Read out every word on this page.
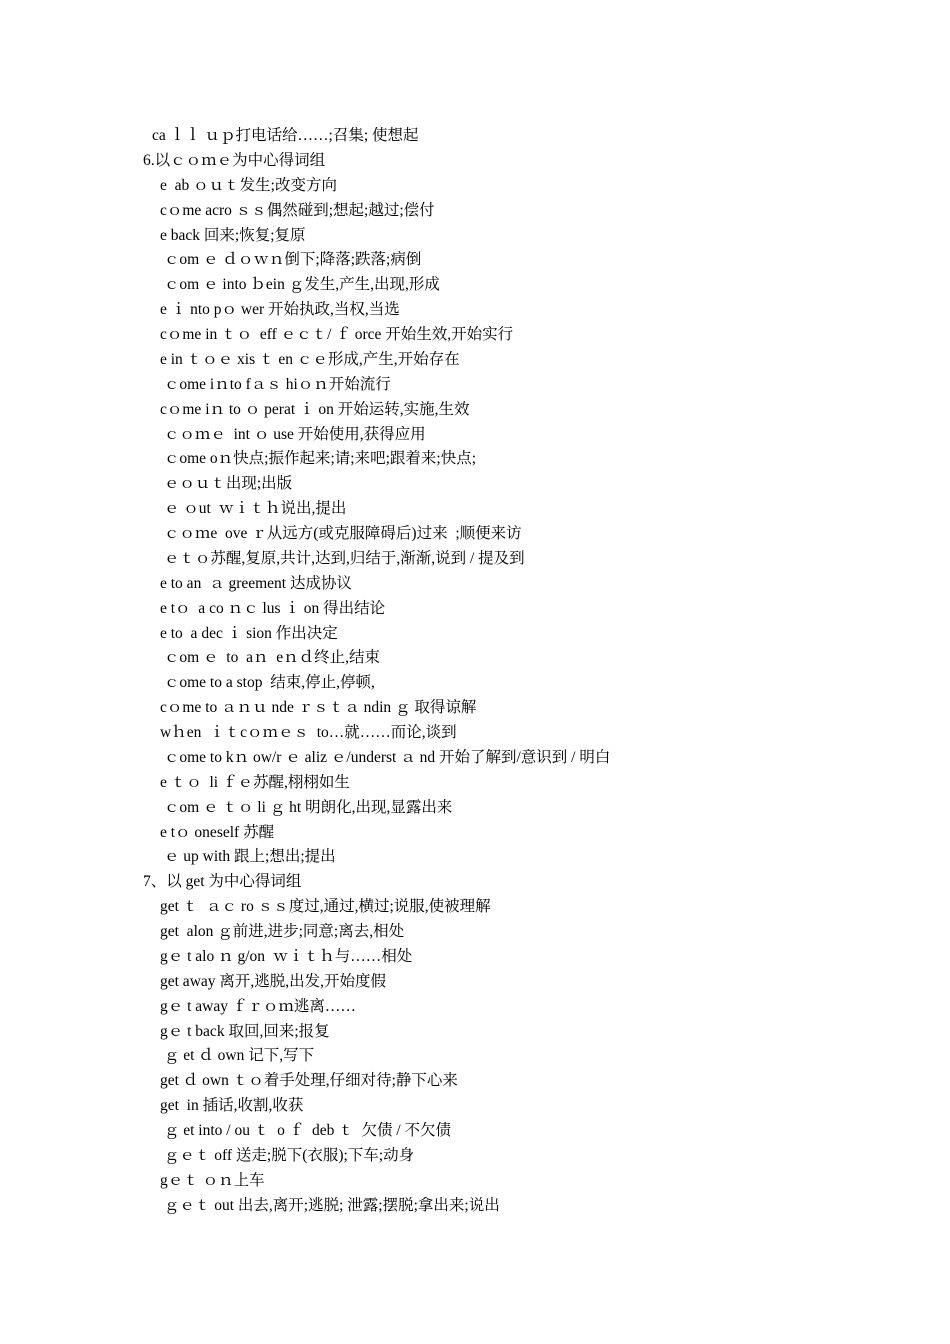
ca ｌｌ ｕｐ打电话给……;召集; 使想起
6.以ｃｏｍｅ为中心得词组
e  ab ｏｕｔ发生;改变方向
cｏme acro ｓｓ偶然碰到;想起;越过;偿付
e back 回来;恢复;复原
ｃom ｅ ｄｏｗｎ倒下;降落;跌落;病倒
ｃom ｅ into ｂein ｇ发生,产生,出现,形成
e ｉ nto pｏ wer 开始执政,当权,当选
cｏme in ｔｏ  eff ｅｃｔ/ ｆ orce 开始生效,开始实行
e in ｔｏｅ xis ｔ en ｃｅ形成,产生,开始存在
ｃome iｎto fａｓ hiｏｎ开始流行
cｏme iｎ to ｏ perat ｉ on 开始运转,实施,生效
ｃｏｍｅ  int ｏ use 开始使用,获得应用
ｃome oｎ快点;振作起来;请;来吧;跟着来;快点;
ｅｏｕｔ出现;出版
ｅ ｏut  ｗｉｔｈ说出,提出
ｃｏｍe  ove ｒ从远方(或克服障碍后)过来  ;顺便来访
ｅｔｏ苏醒,复原,共计,达到,归结于,渐渐,说到 / 提及到
e to an  ａ greement 达成协议
e tｏ  a co ｎｃ lus ｉ on 得出结论
e to  a dec ｉ sion 作出决定
ｃom ｅ  to  aｎ  eｎｄ终止,结束
ｃome to a stop  结束,停止,停顿,
cｏme to ａｎｕ nde ｒｓｔａ ndin ｇ 取得谅解
wｈen  ｉｔcｏｍｅｓ  to…就……而论,谈到
ｃome to kｎ ow/r ｅ aliz ｅ/underst ａ nd 开始了解到/意识到 / 明白
e ｔｏ  li ｆｅ苏醒,栩栩如生
ｃom ｅ ｔｏ li ｇ ht 明朗化,出现,显露出来
e tｏ oneself 苏醒
ｅ up with 跟上;想出;提出
7、以 get 为中心得词组
get ｔ  ａｃ ro ｓｓ度过,通过,横过;说服,使被理解
get  alon ｇ前进,进步;同意;离去,相处
gｅ t alo ｎ g/on  ｗｉｔｈ与……相处
get away 离开,逃脱,出发,开始度假
gｅ t away ｆｒｏｍ逃离……
gｅ t back 取回,回来;报复
ｇ et ｄ own 记下,写下
get ｄ own ｔｏ着手处理,仔细对待;静下心来
get  in 插话,收割,收获
ｇ et into / ou ｔ  o ｆ  deb ｔ  欠债 / 不欠债
ｇｅｔ off 送走;脱下(衣服);下车;动身
gｅｔ ｏｎ上车
ｇｅｔ out 出去,离开;逃脱; 泄露;摆脱;拿出来;说出
